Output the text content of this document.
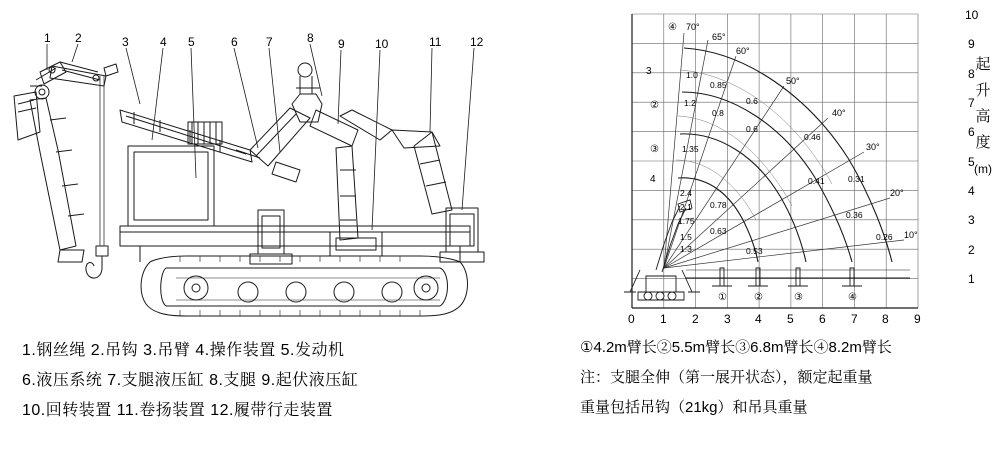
1 2	3	4 5	6 7	8 9	10	11 12
1.钢丝绳 2.吊钩 3.吊臂 4.操作装置 5.发动机
6.液压系统 7.支腿液压缸 8.支腿 9.起伏液压缸
10.回转装置 11.卷扬装置 12.履带行走装置
70°
65°
60°
50°
40°
30°
20°
10°
1.0
0.85
0.6
0.46
0.31
0.26
1.2
0.8
0.6
0.41
0.36
1.35
0.78
0.53
2.4
0.63
2.1
1.75
1.5
1.3
④
②
③
4
3
①	②	③	④
10
9
8
7
6
5
4
3
2
1
0 1 2 3 4 5 6 7 8 9
起
升
高
度
(m)
①4.2m臂长②5.5m臂长③6.8m臂长④8.2m臂长
注：支腿全伸（第一展开状态），额定起重量
重量包括吊钩（21kg）和吊具重量
